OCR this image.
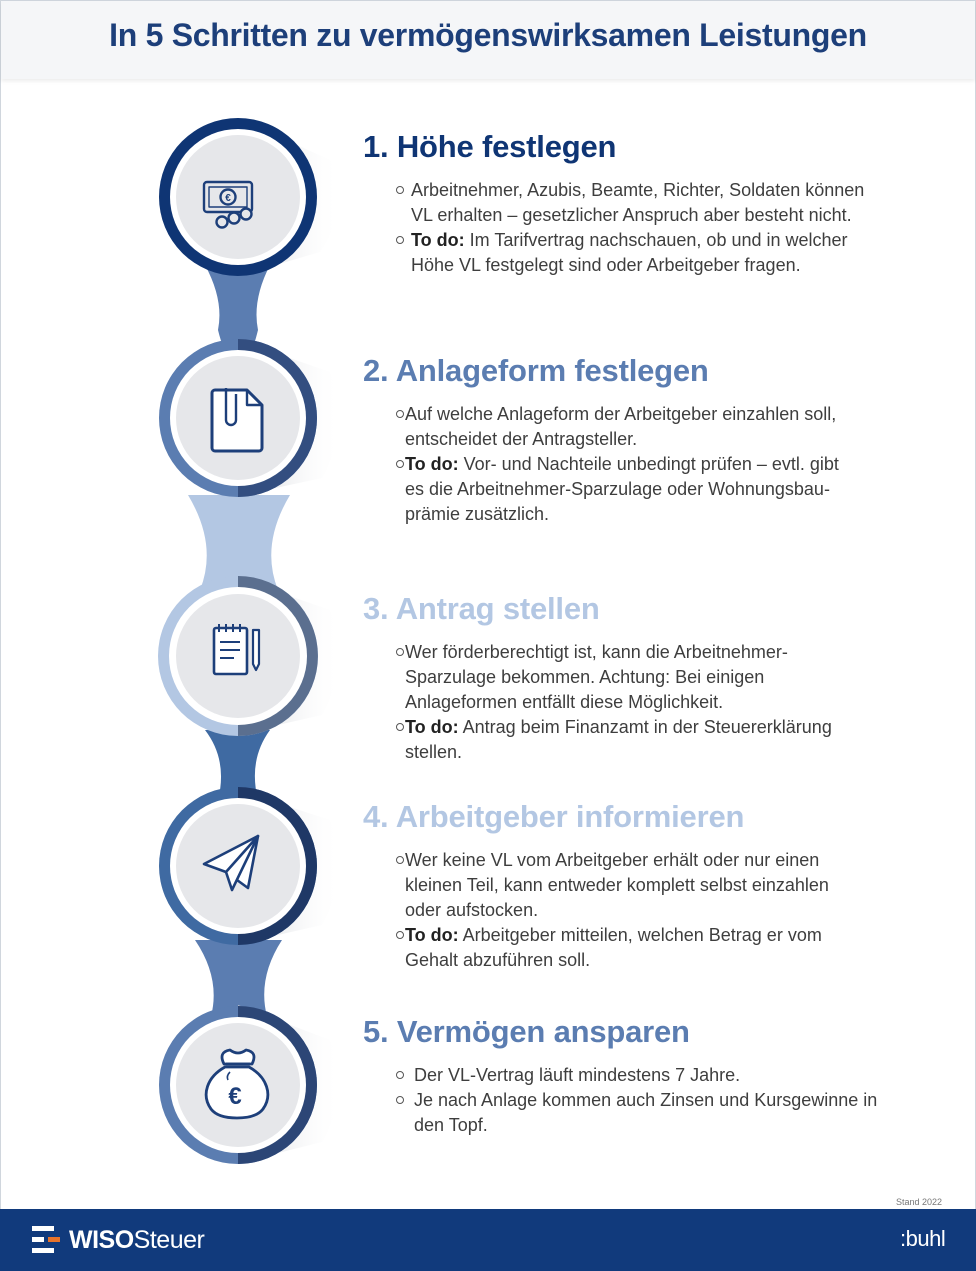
In 5 Schritten zu vermögenswirksamen Leistungen
€
€
1. Höhe festlegen
Arbeitnehmer, Azubis, Beamte, Richter, Soldaten können VL erhalten – gesetzlicher Anspruch aber besteht nicht.
To do: Im Tarifvertrag nachschauen, ob und in welcher Höhe VL festgelegt sind oder Arbeitgeber fragen.
2. Anlageform festlegen
Auf welche Anlageform der Arbeitgeber einzahlen soll, entscheidet der Antragsteller.
To do: Vor- und Nachteile unbedingt prüfen – evtl. gibt es die Arbeitnehmer-Sparzulage oder Wohnungsbau-prämie zusätzlich.
3. Antrag stellen
Wer förderberechtigt ist, kann die Arbeitnehmer-Sparzulage bekommen. Achtung: Bei einigen Anlageformen entfällt diese Möglichkeit.
To do: Antrag beim Finanzamt in der Steuererklärung stellen.
4. Arbeitgeber informieren
Wer keine VL vom Arbeitgeber erhält oder nur einen kleinen Teil, kann entweder komplett selbst einzahlen oder aufstocken.
To do: Arbeitgeber mitteilen, welchen Betrag er vom Gehalt abzuführen soll.
5. Vermögen ansparen
Der VL-Vertrag läuft mindestens 7 Jahre.
Je nach Anlage kommen auch Zinsen und Kursgewinne in den Topf.
Stand 2022
WISOSteuer	:buhl
